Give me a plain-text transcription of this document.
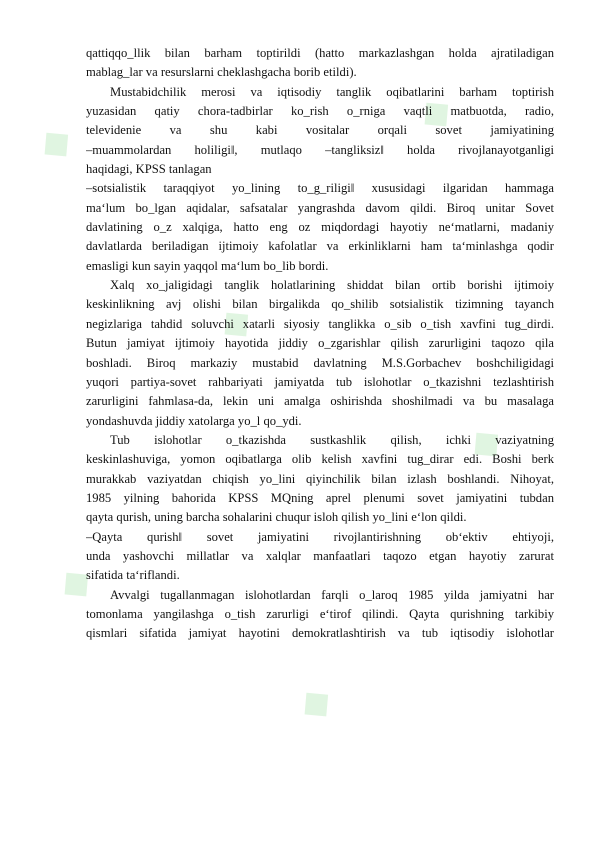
◆
◆
◆
◆
◆
◆
qattiqqo_llik bilan barham toptirildi (hatto markazlashgan holda ajratiladigan
mablag_lar va resurslarni cheklashgacha borib etildi).
Mustabidchilik merosi va iqtisodiy tanglik oqibatlarini barham toptirish
yuzasidan qatiy chora-tadbirlar ko_rish o_rniga vaqtli matbuotda, radio,
televidenie va shu kabi vositalar orqali sovet jamiyatining
–muammolardan holiligi‖, mutlaqo –tangliksiz‖ holda rivojlanayotganligi
haqidagi, KPSS tanlagan
–sotsialistik taraqqiyot yo_lining to_g_riligi‖ xususidagi ilgaridan hammaga
ma‘lum bo_lgan aqidalar, safsatalar yangrashda davom qildi. Biroq unitar Sovet
davlatining o_z xalqiga, hatto eng oz miqdordagi hayotiy ne‘matlarni, madaniy
davlatlarda beriladigan ijtimoiy kafolatlar va erkinliklarni ham ta‘minlashga qodir
emasligi kun sayin yaqqol ma‘lum bo_lib bordi.
Xalq xo_jaligidagi tanglik holatlarining shiddat bilan ortib borishi ijtimoiy
keskinlikning avj olishi bilan birgalikda qo_shilib sotsialistik tizimning tayanch
negizlariga tahdid soluvchi xatarli siyosiy tanglikka o_sib o_tish xavfini tug_dirdi.
Butun jamiyat ijtimoiy hayotida jiddiy o_zgarishlar qilish zarurligini taqozo qila
boshladi. Biroq markaziy mustabid davlatning M.S.Gorbachev boshchiligidagi
yuqori partiya-sovet rahbariyati jamiyatda tub islohotlar o_tkazishni tezlashtirish
zarurligini fahmlasa-da, lekin uni amalga oshirishda shoshilmadi va bu masalaga
yondashuvda jiddiy xatolarga yo_l qo_ydi.
Tub islohotlar o_tkazishda sustkashlik qilish, ichki vaziyatning
keskinlashuviga, yomon oqibatlarga olib kelish xavfini tug_dirar edi. Boshi berk
murakkab vaziyatdan chiqish yo_lini qiyinchilik bilan izlash boshlandi. Nihoyat,
1985 yilning bahorida KPSS MQning aprel plenumi sovet jamiyatini tubdan
qayta qurish, uning barcha sohalarini chuqur isloh qilish yo_lini e‘lon qildi.
–Qayta qurish‖ sovet jamiyatini rivojlantirishning ob‘ektiv ehtiyoji,
unda yashovchi millatlar va xalqlar manfaatlari taqozo etgan hayotiy zarurat
sifatida ta‘riflandi.
Avvalgi tugallanmagan islohotlardan farqli o_laroq 1985 yilda jamiyatni har
tomonlama yangilashga o_tish zarurligi e‘tirof qilindi. Qayta qurishning tarkibiy
qismlari sifatida jamiyat hayotini demokratlashtirish va tub iqtisodiy islohotlar
